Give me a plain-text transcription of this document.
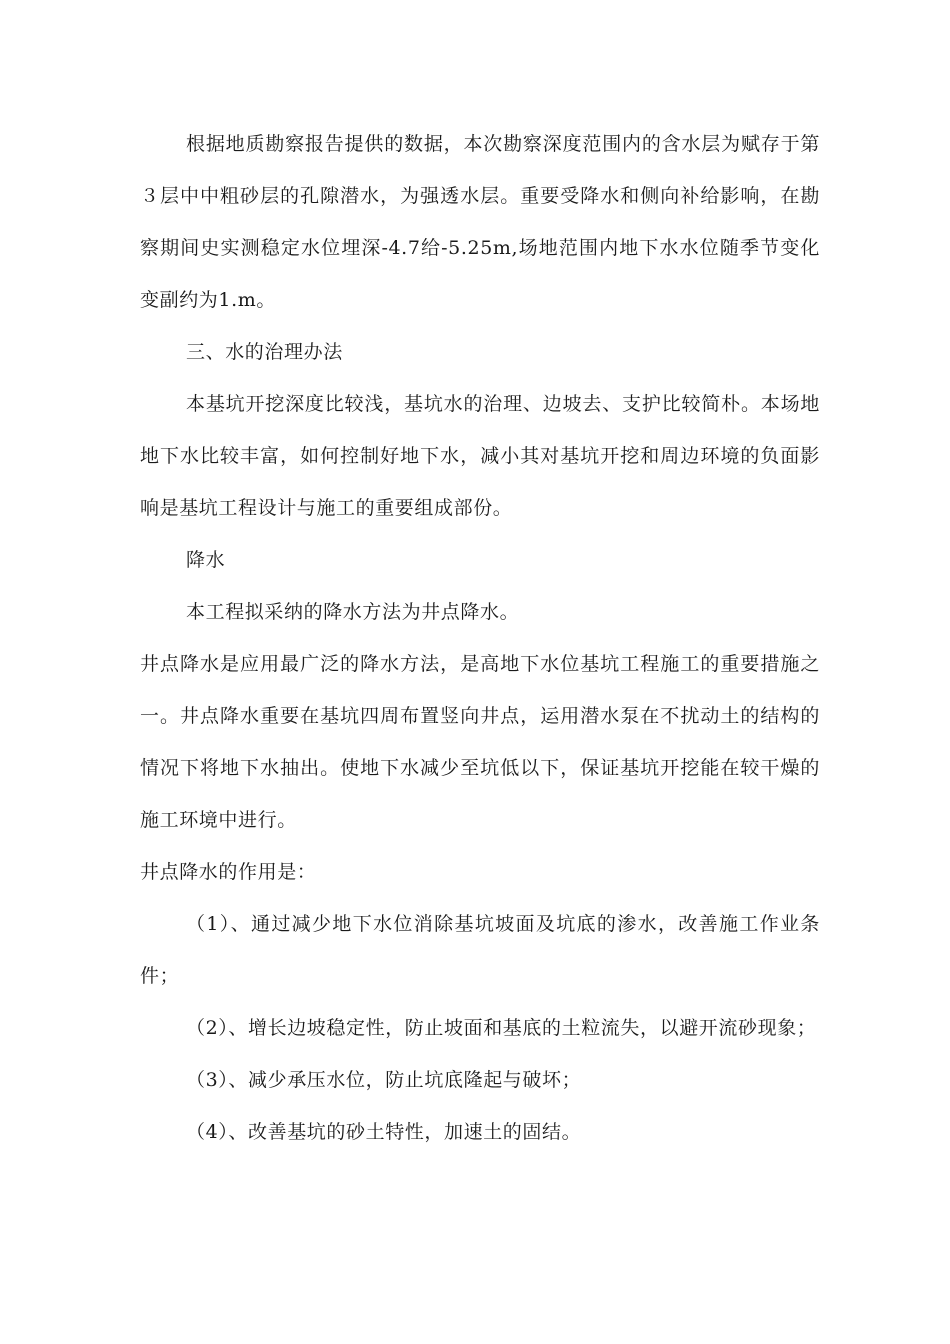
根据地质勘察报告提供的数据，本次勘察深度范围内的含水层为赋存于第３层中中粗砂层的孔隙潜水，为强透水层。重要受降水和侧向补给影响，在勘察期间史实测稳定水位埋深-4.7给-5.25m,场地范围内地下水水位随季节变化变副约为1.m。

三、水的治理办法

本基坑开挖深度比较浅，基坑水的治理、边坡去、支护比较简朴。本场地地下水比较丰富，如何控制好地下水，减小其对基坑开挖和周边环境的负面影响是基坑工程设计与施工的重要组成部份。

降水

本工程拟采纳的降水方法为井点降水。

井点降水是应用最广泛的降水方法，是高地下水位基坑工程施工的重要措施之一。井点降水重要在基坑四周布置竖向井点，运用潜水泵在不扰动土的结构的情况下将地下水抽出。使地下水减少至坑低以下，保证基坑开挖能在较干燥的施工环境中进行。

井点降水的作用是：

（1）、通过减少地下水位消除基坑坡面及坑底的渗水，改善施工作业条件；

（2）、增长边坡稳定性，防止坡面和基底的土粒流失，以避开流砂现象；

（3）、减少承压水位，防止坑底隆起与破坏；

（4）、改善基坑的砂土特性，加速土的固结。
